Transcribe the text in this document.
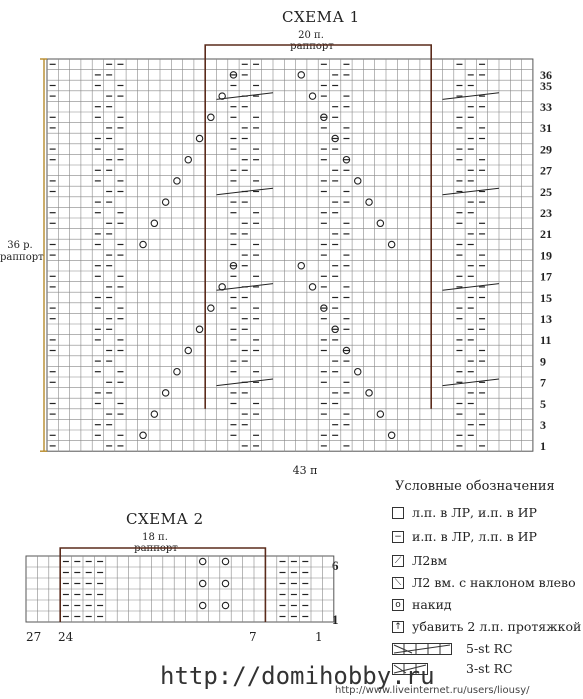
СХЕМА 1
20 п.
раппорт
36 р.
раппорт
43 п
1
3
5
7
9
11
13
15
17
19
21
23
25
27
29
31
33
35
36
СХЕМА 2
18 п.
раппорт
6
1
27 24	7	1
Условные обозначения
л.п. в ЛР, и.п. в ИР
− и.п. в ЛР, л.п. в ИР
⟋ Л2вм
⟍ Л2 вм. с наклоном влево
o накид
↑ убавить 2 л.п. протяжкой
5-st RC
3-st RC
http://domihobby.ru
http://www.liveinternet.ru/users/liousy/
